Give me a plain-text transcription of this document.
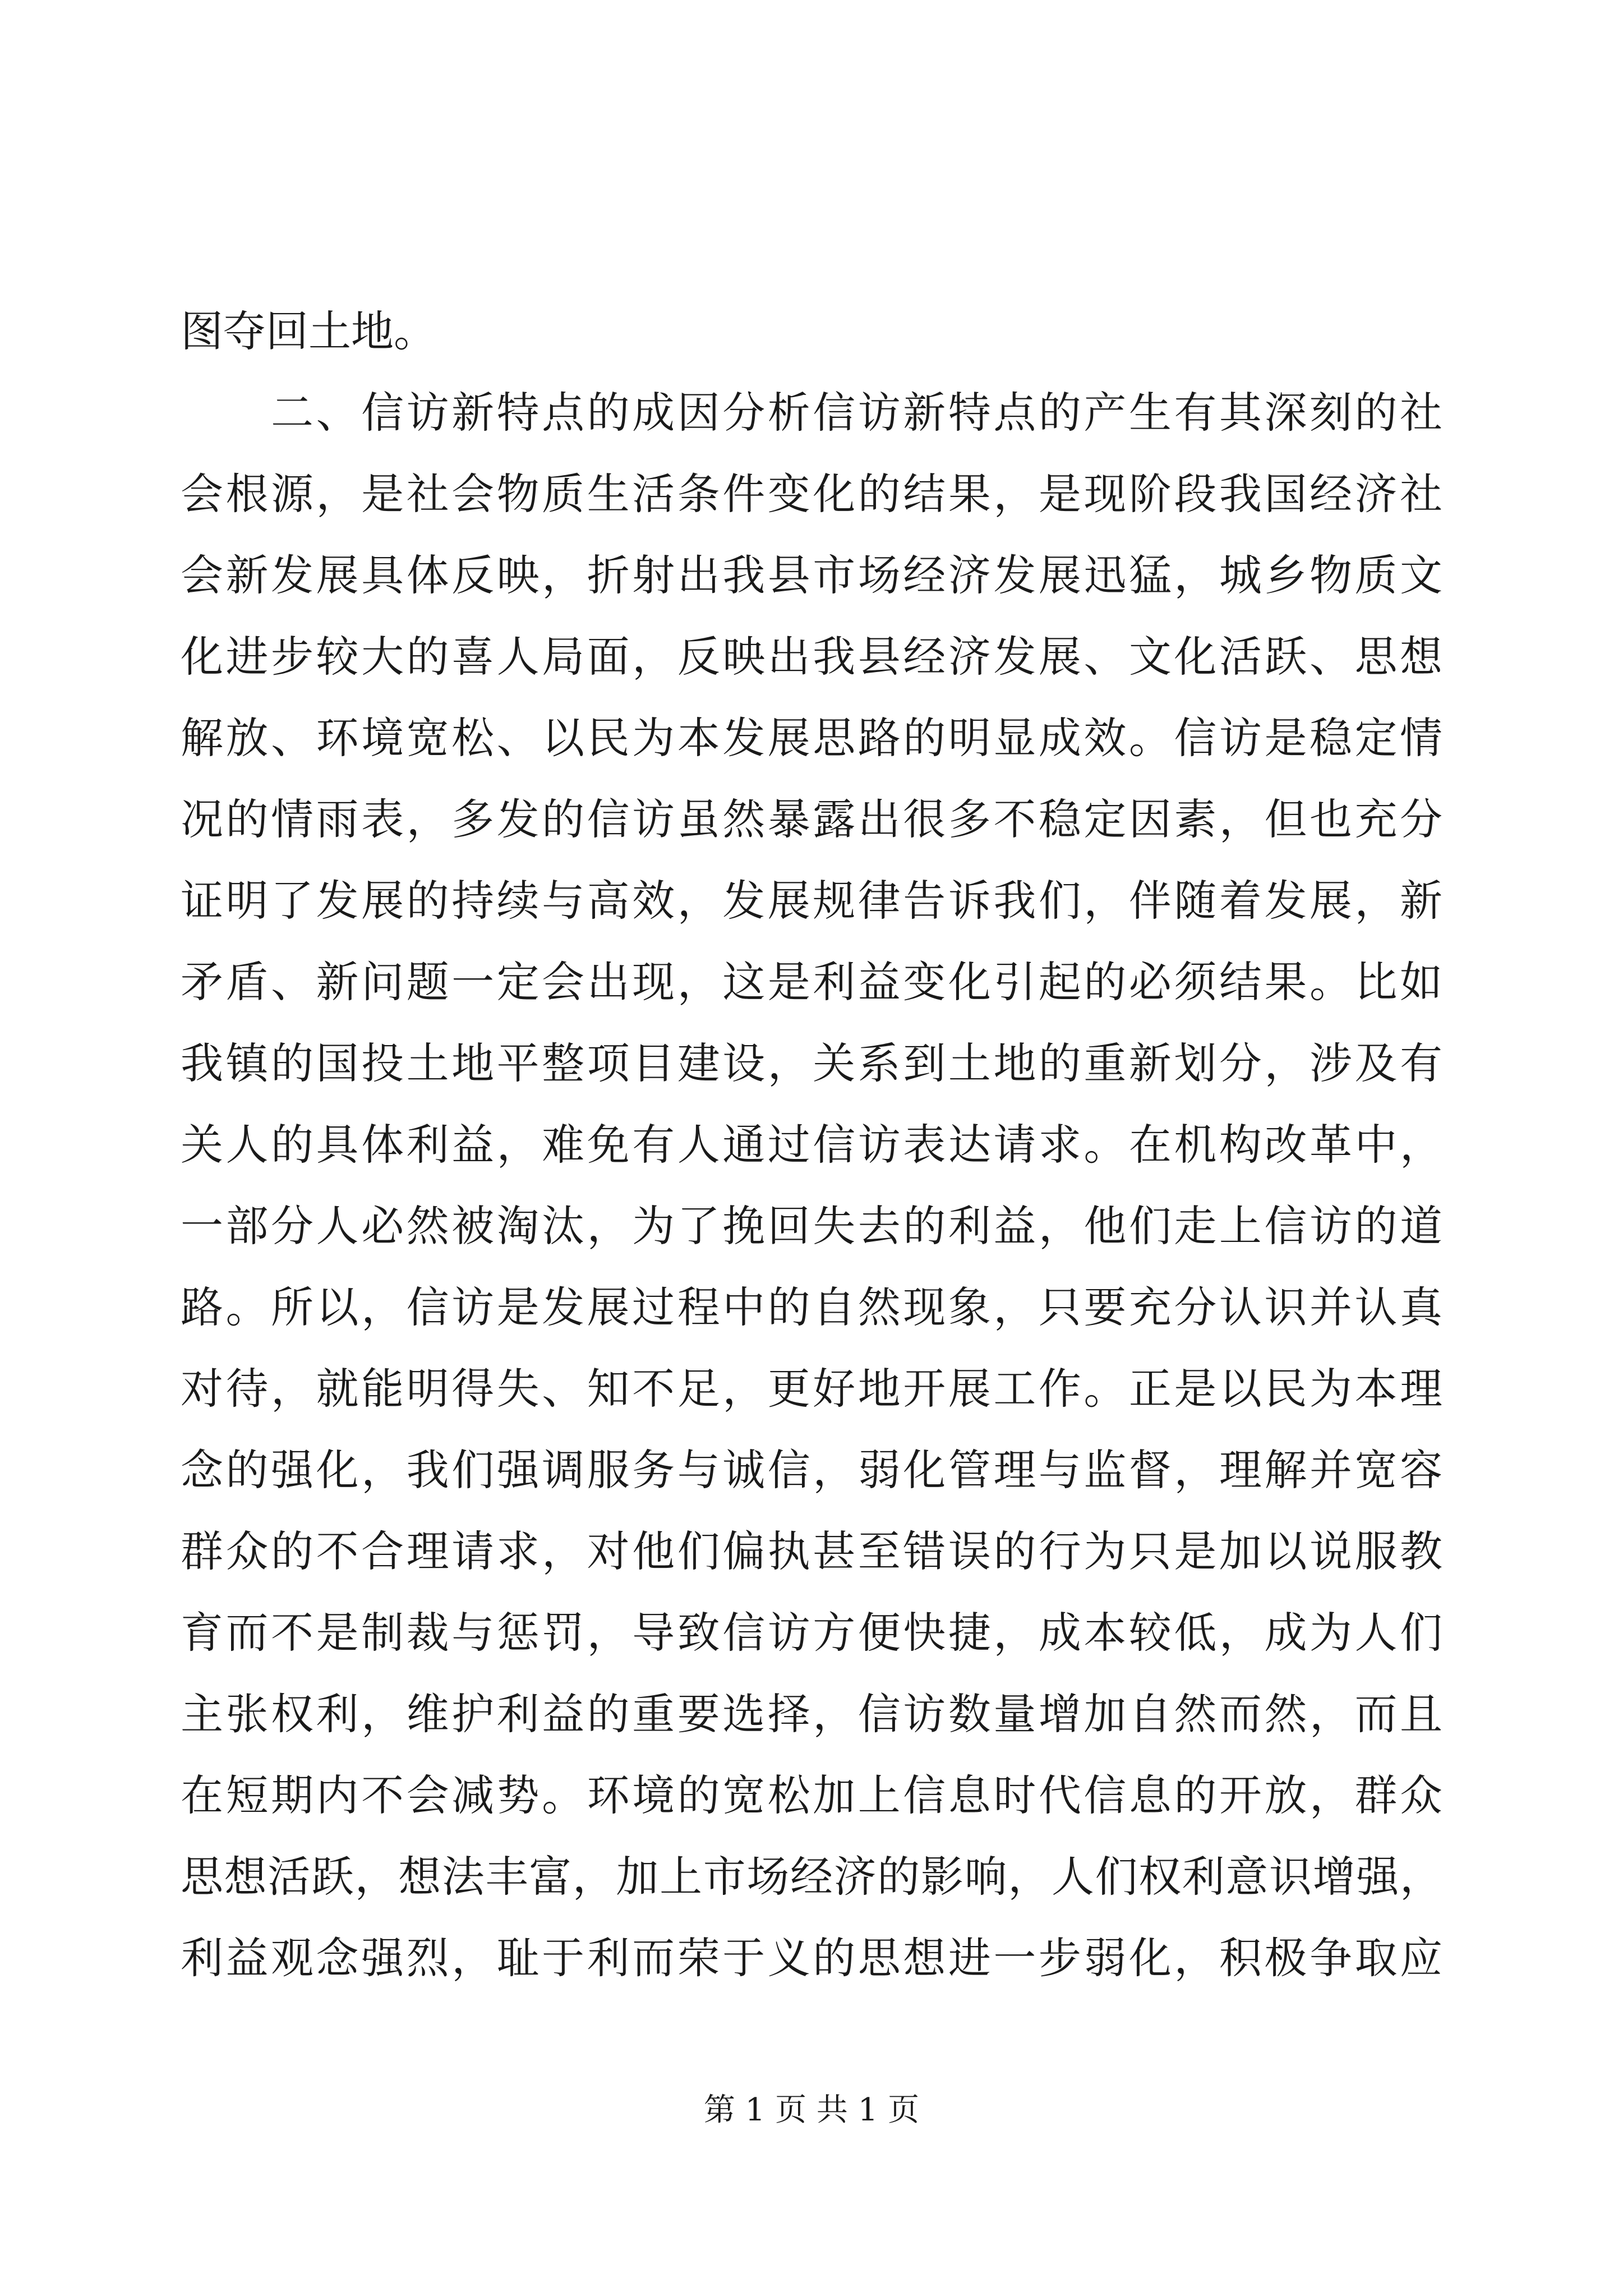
图夺回土地。
　　二、信访新特点的成因分析信访新特点的产生有其深刻的社
会根源，是社会物质生活条件变化的结果，是现阶段我国经济社
会新发展具体反映，折射出我县市场经济发展迅猛，城乡物质文
化进步较大的喜人局面，反映出我县经济发展、文化活跃、思想
解放、环境宽松、以民为本发展思路的明显成效。信访是稳定情
况的情雨表，多发的信访虽然暴露出很多不稳定因素，但也充分
证明了发展的持续与高效，发展规律告诉我们，伴随着发展，新
矛盾、新问题一定会出现，这是利益变化引起的必须结果。比如
我镇的国投土地平整项目建设，关系到土地的重新划分，涉及有
关人的具体利益，难免有人通过信访表达请求。在机构改革中，
一部分人必然被淘汰，为了挽回失去的利益，他们走上信访的道
路。所以，信访是发展过程中的自然现象，只要充分认识并认真
对待，就能明得失、知不足，更好地开展工作。正是以民为本理
念的强化，我们强调服务与诚信，弱化管理与监督，理解并宽容
群众的不合理请求，对他们偏执甚至错误的行为只是加以说服教
育而不是制裁与惩罚，导致信访方便快捷，成本较低，成为人们
主张权利，维护利益的重要选择，信访数量增加自然而然，而且
在短期内不会减势。环境的宽松加上信息时代信息的开放，群众
思想活跃，想法丰富，加上市场经济的影响，人们权利意识增强，
利益观念强烈，耻于利而荣于义的思想进一步弱化，积极争取应
第 1 页 共 1 页
